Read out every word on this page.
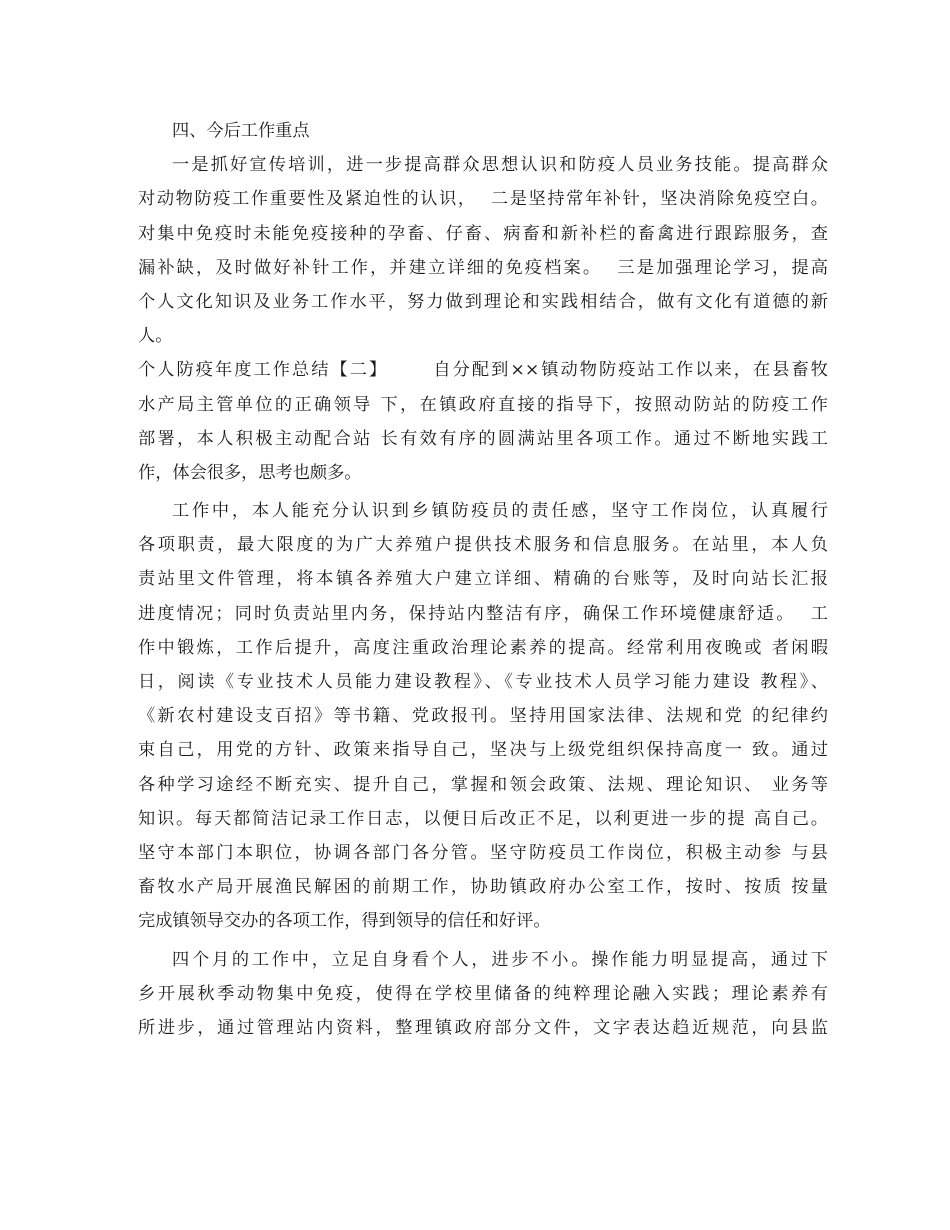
四、今后工作重点
一是抓好宣传培训，进一步提高群众思想认识和防疫人员业务技能。提高群众
对动物防疫工作重要性及紧迫性的认识，  二是坚持常年补针，坚决消除免疫空白。
对集中免疫时未能免疫接种的孕畜、仔畜、病畜和新补栏的畜禽进行跟踪服务，查
漏补缺，及时做好补针工作，并建立详细的免疫档案。  三是加强理论学习，提高
个人文化知识及业务工作水平，努力做到理论和实践相结合，做有文化有道德的新
人。
个人防疫年度工作总结【二】      自分配到××镇动物防疫站工作以来，在县畜牧
水产局主管单位的正确领导 下，在镇政府直接的指导下，按照动防站的防疫工作
部署，本人积极主动配合站 长有效有序的圆满站里各项工作。通过不断地实践工
作，体会很多，思考也颇多。
工作中，本人能充分认识到乡镇防疫员的责任感，坚守工作岗位，认真履行
各项职责，最大限度的为广大养殖户提供技术服务和信息服务。在站里，本人负
责站里文件管理，将本镇各养殖大户建立详细、精确的台账等，及时向站长汇报
进度情况；同时负责站里内务，保持站内整洁有序，确保工作环境健康舒适。  工
作中锻炼，工作后提升，高度注重政治理论素养的提高。经常利用夜晚或 者闲暇
日，阅读《专业技术人员能力建设教程》、《专业技术人员学习能力建设 教程》、
《新农村建设支百招》等书籍、党政报刊。坚持用国家法律、法规和党 的纪律约
束自己，用党的方针、政策来指导自己，坚决与上级党组织保持高度一 致。通过
各种学习途经不断充实、提升自己，掌握和领会政策、法规、理论知识、 业务等
知识。每天都简洁记录工作日志，以便日后改正不足，以利更进一步的提 高自己。
坚守本部门本职位，协调各部门各分管。坚守防疫员工作岗位，积极主动参 与县
畜牧水产局开展渔民解困的前期工作，协助镇政府办公室工作，按时、按质 按量
完成镇领导交办的各项工作，得到领导的信任和好评。
四个月的工作中，立足自身看个人，进步不小。操作能力明显提高，通过下
乡开展秋季动物集中免疫，使得在学校里储备的纯粹理论融入实践；理论素养有
所进步，通过管理站内资料，整理镇政府部分文件，文字表达趋近规范，向县监
